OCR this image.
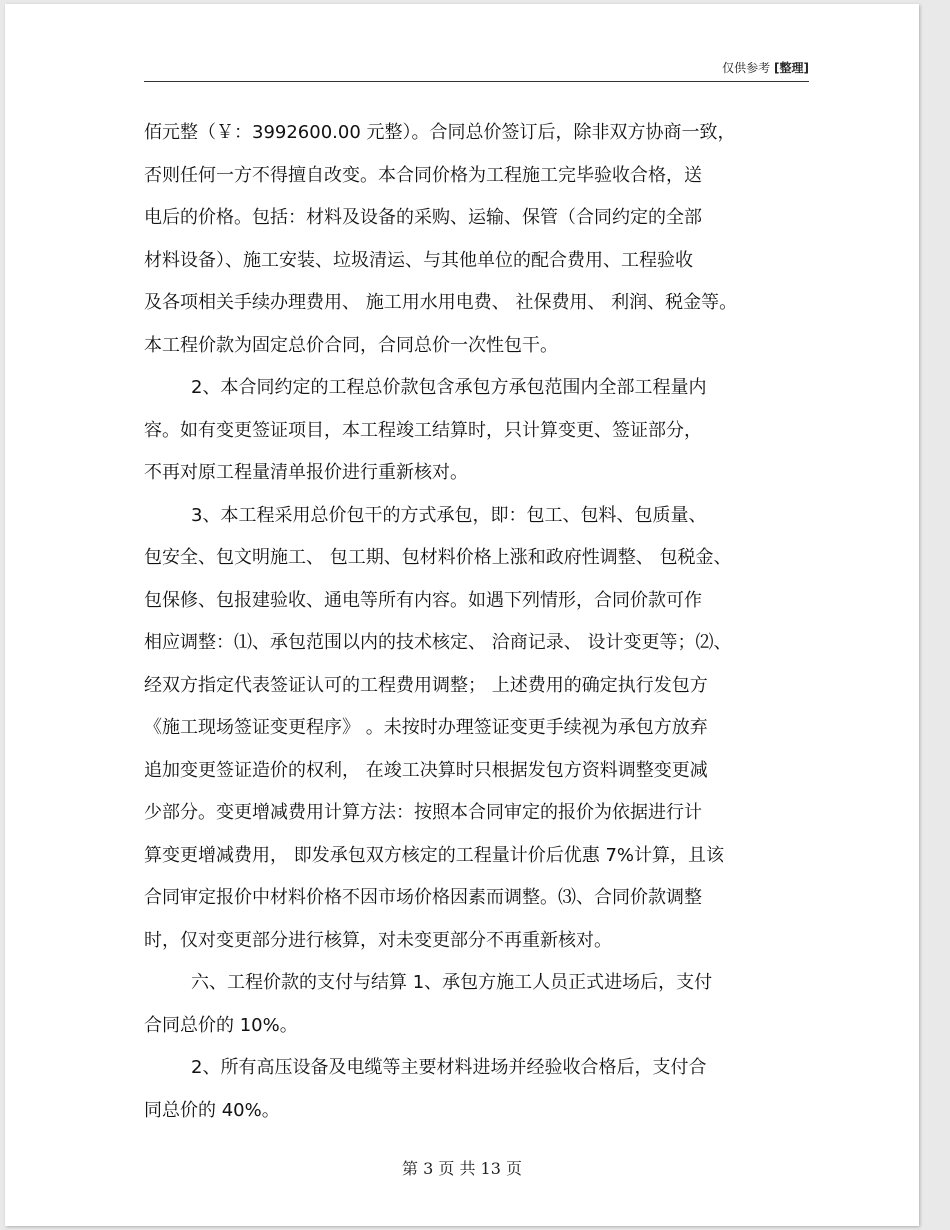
仅供参考 [整理]
佰元整（￥：3992600.00 元整）。合同总价签订后，除非双方协商一致，
否则任何一方不得擅自改变。本合同价格为工程施工完毕验收合格，送
电后的价格。包括：材料及设备的采购、运输、保管（合同约定的全部
材料设备）、施工安装、垃圾清运、与其他单位的配合费用、工程验收
及各项相关手续办理费用、 施工用水用电费、 社保费用、 利润、税金等。
本工程价款为固定总价合同，合同总价一次性包干。
2、本合同约定的工程总价款包含承包方承包范围内全部工程量内
容。如有变更签证项目，本工程竣工结算时，只计算变更、签证部分，
不再对原工程量清单报价进行重新核对。
3、本工程采用总价包干的方式承包，即：包工、包料、包质量、
包安全、包文明施工、 包工期、包材料价格上涨和政府性调整、 包税金、
包保修、包报建验收、通电等所有内容。如遇下列情形，合同价款可作
相应调整：⑴、承包范围以内的技术核定、 洽商记录、 设计变更等；⑵、
经双方指定代表签证认可的工程费用调整； 上述费用的确定执行发包方
《施工现场签证变更程序》 。未按时办理签证变更手续视为承包方放弃
追加变更签证造价的权利， 在竣工决算时只根据发包方资料调整变更减
少部分。变更增减费用计算方法：按照本合同审定的报价为依据进行计
算变更增减费用， 即发承包双方核定的工程量计价后优惠 7%计算，且该
合同审定报价中材料价格不因市场价格因素而调整。⑶、合同价款调整
时，仅对变更部分进行核算，对未变更部分不再重新核对。
六、工程价款的支付与结算 1、承包方施工人员正式进场后，支付
合同总价的 10%。
2、所有高压设备及电缆等主要材料进场并经验收合格后，支付合
同总价的 40%。
第 3 页 共 13 页
